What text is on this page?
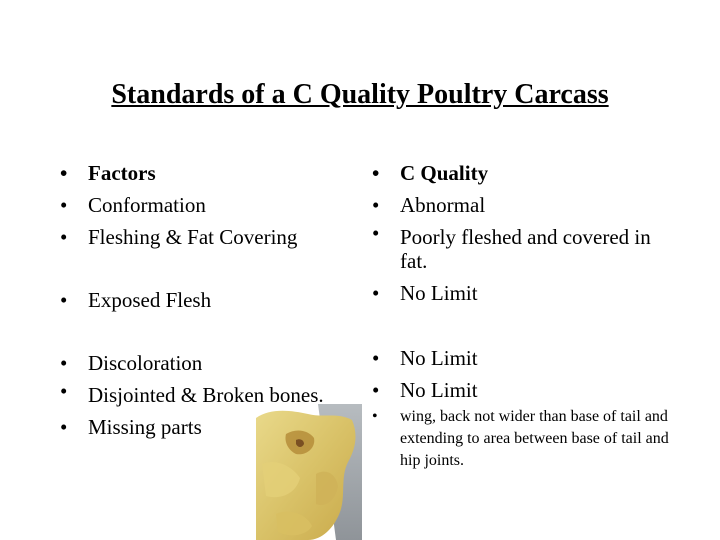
Standards of a C Quality Poultry Carcass
• Factors
• Conformation
• Fleshing & Fat Covering
• Exposed Flesh
• Discoloration
• Disjointed & Broken bones.
• Missing parts
• C Quality
• Abnormal
• Poorly fleshed and covered in fat.
• No Limit
• No Limit
• No Limit
• wing, back not wider than base of tail and extending to area between base of tail and hip joints.
